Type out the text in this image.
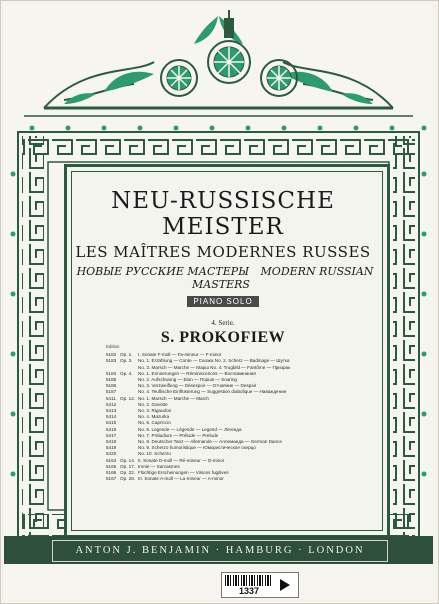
NEU-RUSSISCHE MEISTER
LES MAÎTRES MODERNES RUSSES
НОВЫЕ РУССКИЕ МАСТЕРЫ MODERN RUSSIAN MASTERS
PIANO SOLO
4. Serie.
S. PROKOFIEW
Edition
5182 Op. 1.	I. Sonate F-moll — Fa-mineur — F-minor
5183 Op. 3.	No. 1. Erzählung — Conte — Сказка No. 2. Scherz — Badinage — Шутка
No. 3. Marsch — Marche — Марш No. 4. Trugbild — Fantôme — Призрак
5184 Op. 4.	No. 1. Erinnerungen — Réminiscences — Воспоминания
5185	No. 2. Aufschwung — Elan — Порыв — Soaring
5186	No. 3. Verzweiflung — Désespoir — Отчаяние — Despair
5187	No. 4. Teuflische Einflüsterung — Suggestion diabolique — Наваждение
5411 Op. 12. No. 1. Marsch — Marche — March
5412	No. 2. Gavotte
5413	No. 3. Rigaudon
5414	No. 4. Mazurka
5415	No. 5. Capriccio
5416	No. 6. Legende — Légende — Legend — Легенда
5417	No. 7. Präludium — Prélude — Prelude
5418	No. 8. Deutscher Tanz — Allemande — Аллеманда — German Dance
5419	No. 9. Scherzo humoristique — Юмористическое скерцо
5420	No. 10. Scherzo
5164 Op. 14. II. Sonate D-moll — Ré-mineur — D-minor
5165 Op. 17. Ironie — Sarcasmes
5166 Op. 22. Flüchtige Erscheinungen — Visions fugitives
5167 Op. 28. III. Sonate A-moll — La-mineur — A-minor
ANTON J. BENJAMIN · HAMBURG · LONDON
1337
